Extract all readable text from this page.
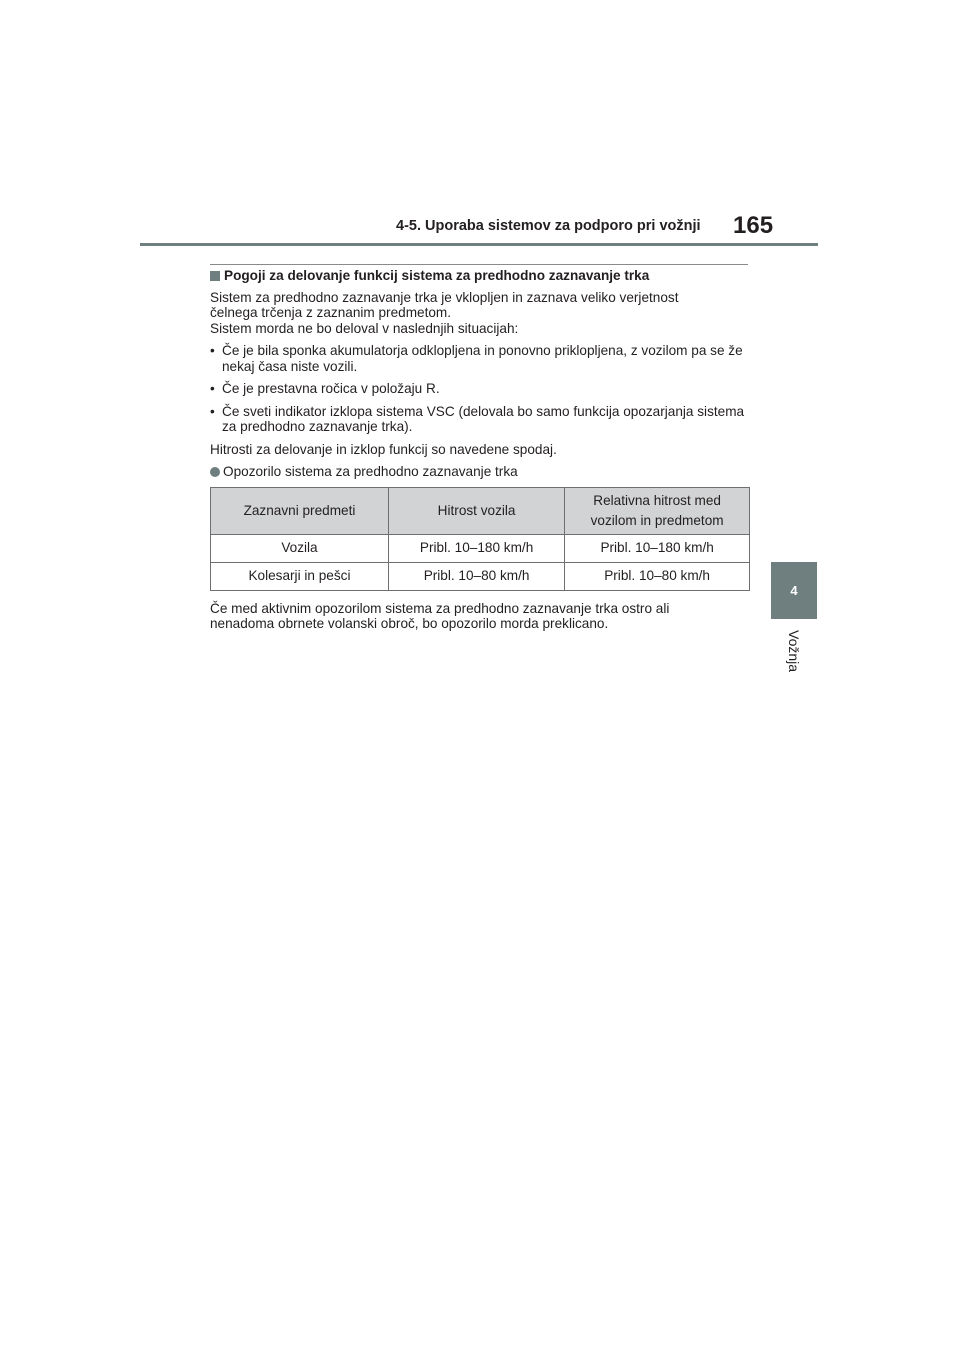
4-5. Uporaba sistemov za podporo pri vožnji 165
4
Vožnja
Pogoji za delovanje funkcij sistema za predhodno zaznavanje trka

Sistem za predhodno zaznavanje trka je vklopljen in zaznava veliko verjetnost

čelnega trčenja z zaznanim predmetom.

Sistem morda ne bo deloval v naslednjih situacijah:

• Če je bila sponka akumulatorja odklopljena in ponovno priklopljena, z vozilom pa se že nekaj časa niste vozili.
• Če je prestavna ročica v položaju R.
• Če sveti indikator izklopa sistema VSC (delovala bo samo funkcija opozarjanja sistema za predhodno zaznavanje trka).

Hitrosti za delovanje in izklop funkcij so navedene spodaj.

Opozorilo sistema za predhodno zaznavanje trka
Zaznavni predmeti	Hitrost vozila	Relativna hitrost med vozilom in predmetom
Vozila	Pribl. 10–180 km/h	Pribl. 10–180 km/h
Kolesarji in pešci	Pribl. 10–80 km/h	Pribl. 10–80 km/h

Če med aktivnim opozorilom sistema za predhodno zaznavanje trka ostro ali

nenadoma obrnete volanski obroč, bo opozorilo morda preklicano.
